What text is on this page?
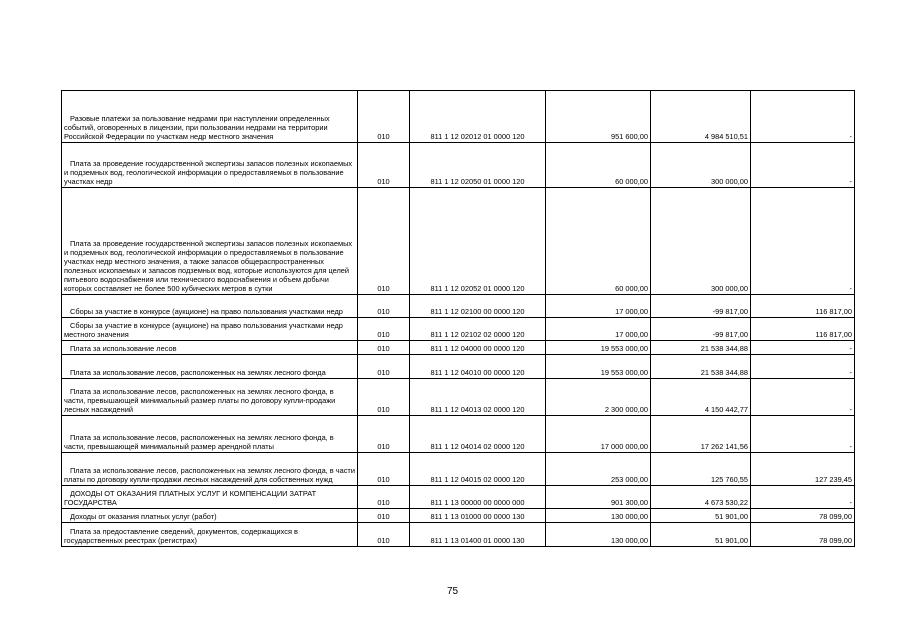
Разовые платежи за пользование недрами при наступлении определенных событий, оговоренных в лицензии, при пользовании недрами на территории Российской Федерации по участкам недр местного значения	010	811 1 12 02012 01 0000 120	951 600,00	4 984 510,51	-
Плата за проведение государственной экспертизы запасов полезных ископаемых и подземных вод, геологической информации о предоставляемых в пользование участках недр	010	811 1 12 02050 01 0000 120	60 000,00	300 000,00	-
Плата за проведение государственной экспертизы запасов полезных ископаемых и подземных вод, геологической информации о предоставляемых в пользование участках недр местного значения, а также запасов общераспространенных полезных ископаемых и запасов подземных вод, которые используются для целей питьевого водоснабжения или технического водоснабжения и объем добычи которых составляет не более 500 кубических метров в сутки	010	811 1 12 02052 01 0000 120	60 000,00	300 000,00	-
Сборы за участие в конкурсе (аукционе) на право пользования участками недр	010	811 1 12 02100 00 0000 120	17 000,00	-99 817,00	116 817,00
Сборы за участие в конкурсе (аукционе) на право пользования участками недр местного значения	010	811 1 12 02102 02 0000 120	17 000,00	-99 817,00	116 817,00
Плата за использование лесов	010	811 1 12 04000 00 0000 120	19 553 000,00	21 538 344,88	-
Плата за использование лесов, расположенных на землях лесного фонда	010	811 1 12 04010 00 0000 120	19 553 000,00	21 538 344,88	-
Плата за использование лесов, расположенных на землях лесного фонда, в части, превышающей минимальный размер платы по договору купли-продажи лесных насаждений	010	811 1 12 04013 02 0000 120	2 300 000,00	4 150 442,77	-
Плата за использование лесов, расположенных на землях лесного фонда, в части, превышающей минимальный размер арендной платы	010	811 1 12 04014 02 0000 120	17 000 000,00	17 262 141,56	-
Плата за использование лесов, расположенных на землях лесного фонда, в части платы по договору купли-продажи лесных насаждений для собственных нужд	010	811 1 12 04015 02 0000 120	253 000,00	125 760,55	127 239,45
ДОХОДЫ ОТ ОКАЗАНИЯ ПЛАТНЫХ УСЛУГ И КОМПЕНСАЦИИ ЗАТРАТ ГОСУДАРСТВА	010	811 1 13 00000 00 0000 000	901 300,00	4 673 530,22	-
Доходы от оказания платных услуг (работ)	010	811 1 13 01000 00 0000 130	130 000,00	51 901,00	78 099,00
Плата за предоставление сведений, документов, содержащихся в государственных реестрах (регистрах)	010	811 1 13 01400 01 0000 130	130 000,00	51 901,00	78 099,00
75
